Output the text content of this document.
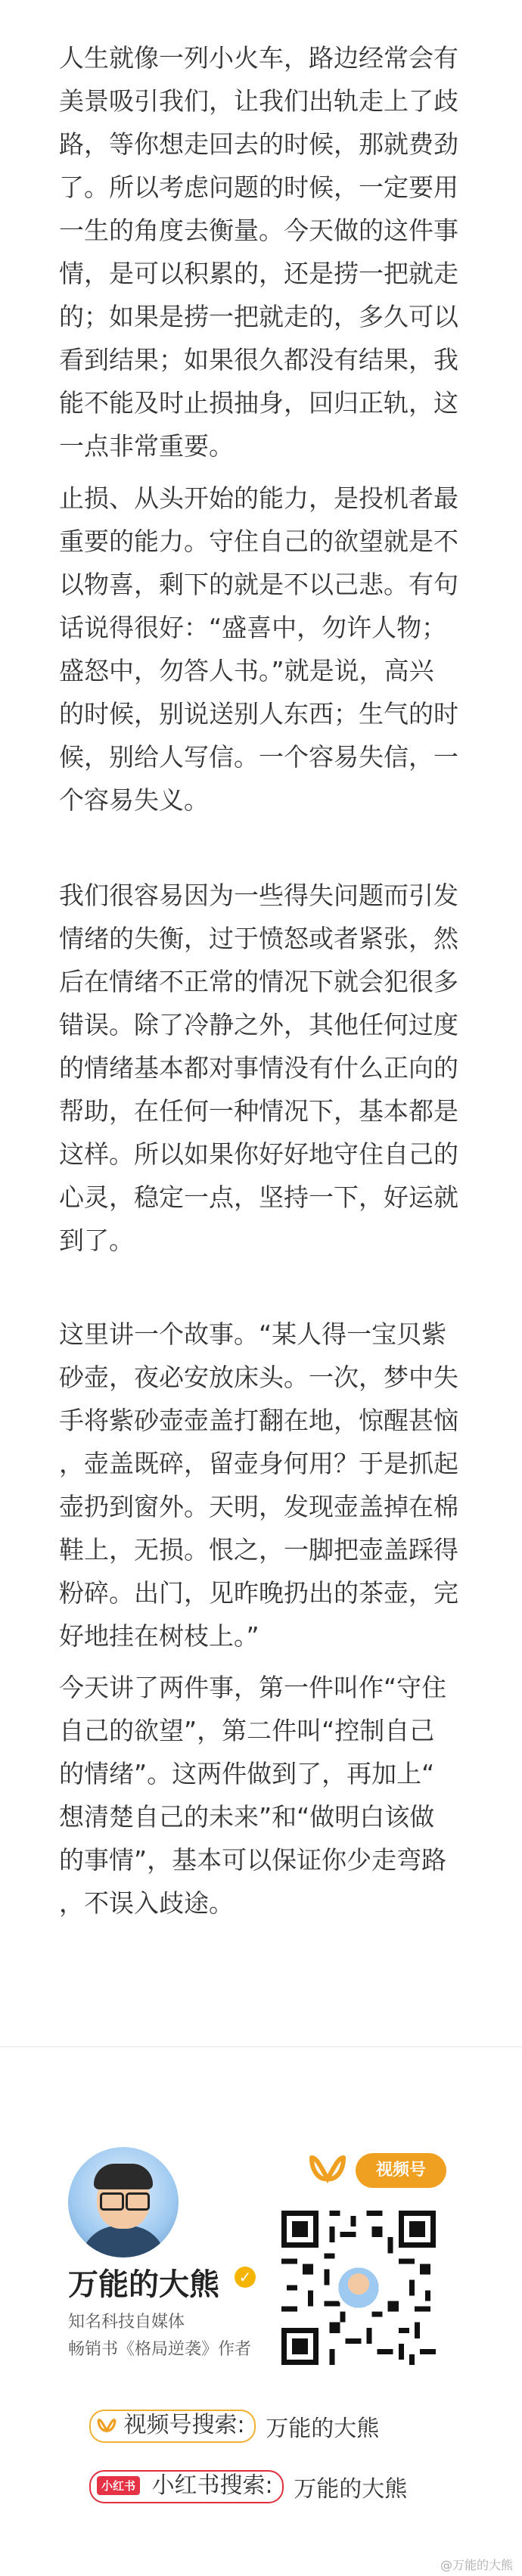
人生就像一列小火车，路边经常会有
美景吸引我们，让我们出轨走上了歧
路，等你想走回去的时候，那就费劲
了。所以考虑问题的时候，一定要用
一生的角度去衡量。今天做的这件事
情，是可以积累的，还是捞一把就走
的；如果是捞一把就走的，多久可以
看到结果；如果很久都没有结果，我
能不能及时止损抽身，回归正轨，这
一点非常重要。
止损、从头开始的能力，是投机者最
重要的能力。守住自己的欲望就是不
以物喜，剩下的就是不以己悲。有句
话说得很好：“盛喜中，勿许人物；
盛怒中，勿答人书。”就是说，高兴
的时候，别说送别人东西；生气的时
候，别给人写信。一个容易失信，一
个容易失义。
我们很容易因为一些得失问题而引发
情绪的失衡，过于愤怒或者紧张，然
后在情绪不正常的情况下就会犯很多
错误。除了冷静之外，其他任何过度
的情绪基本都对事情没有什么正向的
帮助，在任何一种情况下，基本都是
这样。所以如果你好好地守住自己的
心灵，稳定一点，坚持一下，好运就
到了。
这里讲一个故事。“某人得一宝贝紫
砂壶，夜必安放床头。一次，梦中失
手将紫砂壶壶盖打翻在地，惊醒甚恼
，壶盖既碎，留壶身何用？于是抓起
壶扔到窗外。天明，发现壶盖掉在棉
鞋上，无损。恨之，一脚把壶盖踩得
粉碎。出门，见昨晚扔出的茶壶，完
好地挂在树枝上。”
今天讲了两件事，第一件叫作“守住
自己的欲望”，第二件叫“控制自己
的情绪”。这两件做到了，再加上“
想清楚自己的未来”和“做明白该做
的事情”，基本可以保证你少走弯路
，不误入歧途。
万能的大熊 ✓
知名科技自媒体
畅销书《格局逆袭》作者
视频号
视频号搜索: 万能的大熊
小红书 小红书搜索: 万能的大熊
@万能的大熊
